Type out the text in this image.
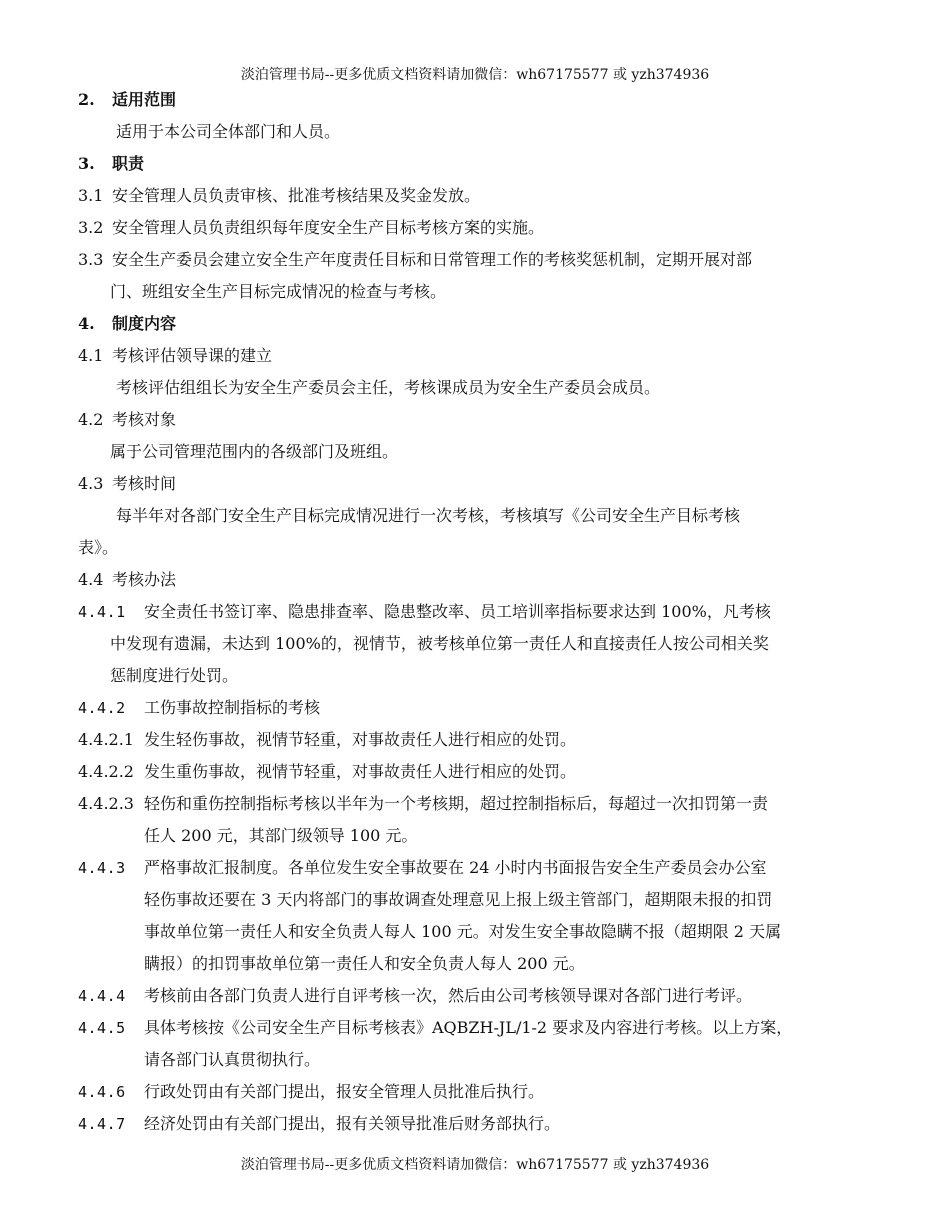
淡泊管理书局--更多优质文档资料请加微信：wh67175577 或 yzh374936
2. 适用范围
适用于本公司全体部门和人员。
3. 职责
3.1 安全管理人员负责审核、批准考核结果及奖金发放。
3.2 安全管理人员负责组织每年度安全生产目标考核方案的实施。
3.3 安全生产委员会建立安全生产年度责任目标和日常管理工作的考核奖惩机制，定期开展对部
门、班组安全生产目标完成情况的检查与考核。
4. 制度内容
4.1 考核评估领导课的建立
考核评估组组长为安全生产委员会主任，考核课成员为安全生产委员会成员。
4.2 考核对象
属于公司管理范围内的各级部门及班组。
4.3 考核时间
每半年对各部门安全生产目标完成情况进行一次考核，考核填写《公司安全生产目标考核
表》。
4.4 考核办法
4.4.1 安全责任书签订率、隐患排查率、隐患整改率、员工培训率指标要求达到 100%，凡考核
中发现有遗漏，未达到 100%的，视情节，被考核单位第一责任人和直接责任人按公司相关奖
惩制度进行处罚。
4.4.2 工伤事故控制指标的考核
4.4.2.1 发生轻伤事故，视情节轻重，对事故责任人进行相应的处罚。
4.4.2.2 发生重伤事故，视情节轻重，对事故责任人进行相应的处罚。
4.4.2.3 轻伤和重伤控制指标考核以半年为一个考核期，超过控制指标后，每超过一次扣罚第一责
任人 200 元，其部门级领导 100 元。
4.4.3 严格事故汇报制度。各单位发生安全事故要在 24 小时内书面报告安全生产委员会办公室
轻伤事故还要在 3 天内将部门的事故调查处理意见上报上级主管部门，超期限未报的扣罚
事故单位第一责任人和安全负责人每人 100 元。对发生安全事故隐瞒不报（超期限 2 天属
瞒报）的扣罚事故单位第一责任人和安全负责人每人 200 元。
4.4.4 考核前由各部门负责人进行自评考核一次，然后由公司考核领导课对各部门进行考评。
4.4.5 具体考核按《公司安全生产目标考核表》AQBZH-JL/1-2 要求及内容进行考核。以上方案，
请各部门认真贯彻执行。
4.4.6 行政处罚由有关部门提出，报安全管理人员批准后执行。
4.4.7 经济处罚由有关部门提出，报有关领导批准后财务部执行。
淡泊管理书局--更多优质文档资料请加微信：wh67175577 或 yzh374936
